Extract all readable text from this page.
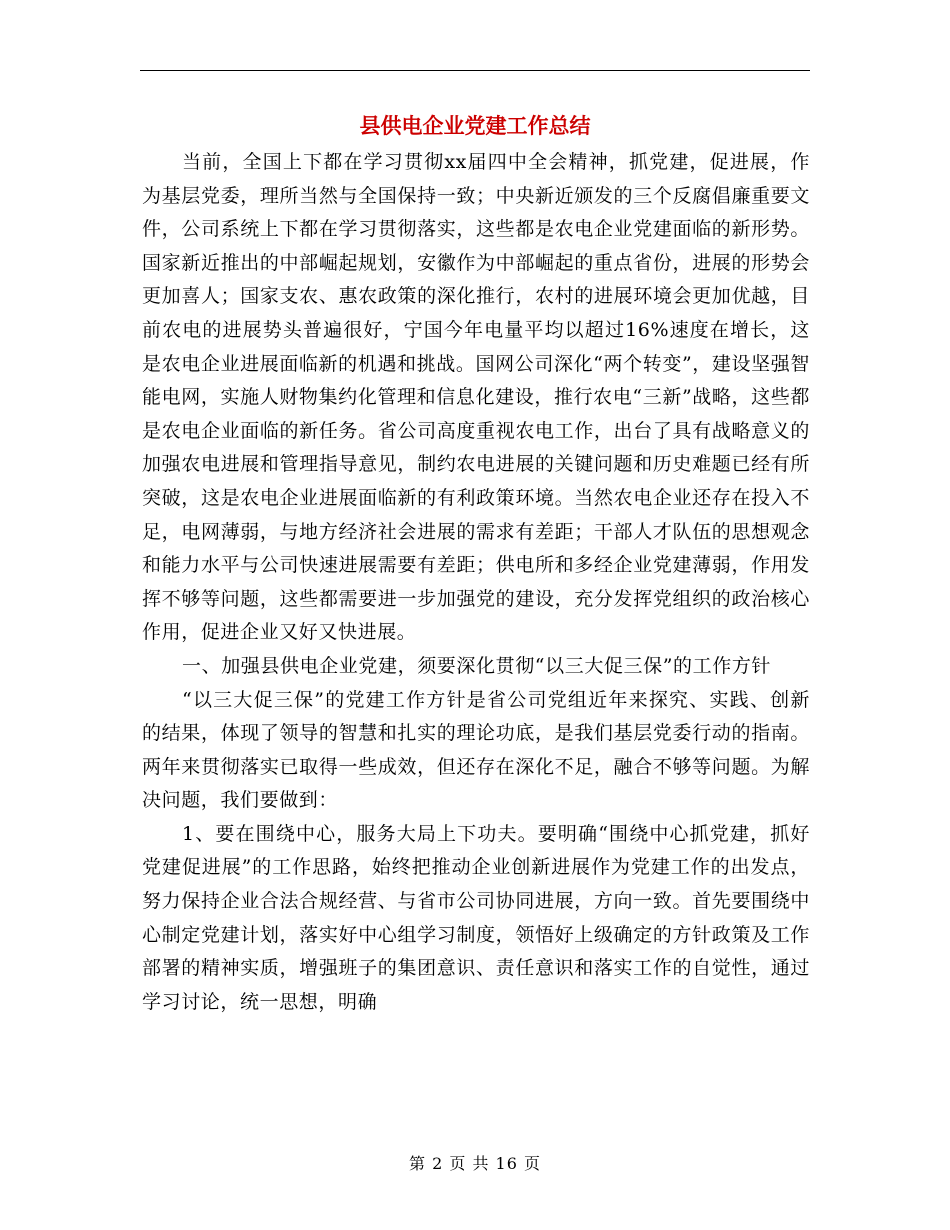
县供电企业党建工作总结

当前，全国上下都在学习贯彻xx届四中全会精神，抓党建，促进展，作为基层党委，理所当然与全国保持一致；中央新近颁发的三个反腐倡廉重要文件，公司系统上下都在学习贯彻落实，这些都是农电企业党建面临的新形势。国家新近推出的中部崛起规划，安徽作为中部崛起的重点省份，进展的形势会更加喜人；国家支农、惠农政策的深化推行，农村的进展环境会更加优越，目前农电的进展势头普遍很好，宁国今年电量平均以超过16%速度在增长，这是农电企业进展面临新的机遇和挑战。国网公司深化“两个转变”，建设坚强智能电网，实施人财物集约化管理和信息化建设，推行农电“三新”战略，这些都是农电企业面临的新任务。省公司高度重视农电工作，出台了具有战略意义的加强农电进展和管理指导意见，制约农电进展的关键问题和历史难题已经有所突破，这是农电企业进展面临新的有利政策环境。当然农电企业还存在投入不足，电网薄弱，与地方经济社会进展的需求有差距；干部人才队伍的思想观念和能力水平与公司快速进展需要有差距；供电所和多经企业党建薄弱，作用发挥不够等问题，这些都需要进一步加强党的建设，充分发挥党组织的政治核心作用，促进企业又好又快进展。

一、加强县供电企业党建，须要深化贯彻“以三大促三保”的工作方针

“以三大促三保”的党建工作方针是省公司党组近年来探究、实践、创新的结果，体现了领导的智慧和扎实的理论功底，是我们基层党委行动的指南。两年来贯彻落实已取得一些成效，但还存在深化不足，融合不够等问题。为解决问题，我们要做到：

1、要在围绕中心，服务大局上下功夫。要明确“围绕中心抓党建，抓好党建促进展”的工作思路，始终把推动企业创新进展作为党建工作的出发点，努力保持企业合法合规经营、与省市公司协同进展，方向一致。首先要围绕中心制定党建计划，落实好中心组学习制度，领悟好上级确定的方针政策及工作部署的精神实质，增强班子的集团意识、责任意识和落实工作的自觉性，通过学习讨论，统一思想，明确

第 2 页 共 16 页
